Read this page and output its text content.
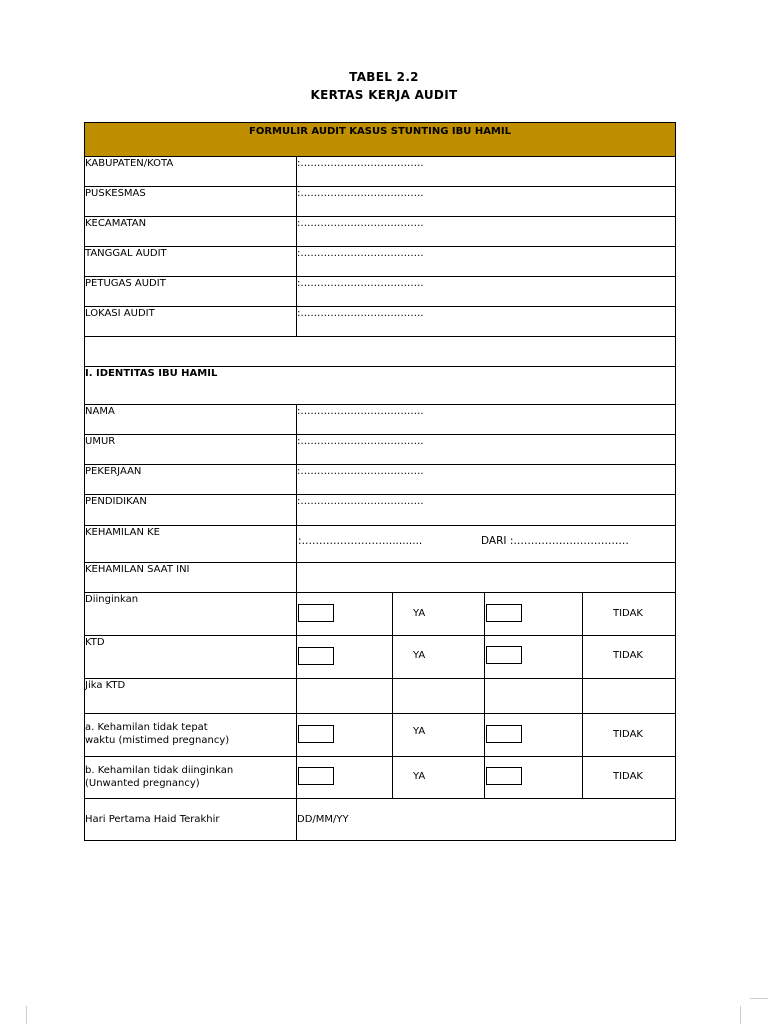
TABEL 2.2
KERTAS KERJA AUDIT
FORMULIR AUDIT KASUS STUNTING IBU HAMIL				
KABUPATEN/KOTA	:……………………………….			
PUSKESMAS	:……………………………….			
KECAMATAN	:……………………………….			
TANGGAL AUDIT	:……………………………….			
PETUGAS AUDIT	:……………………………….			
LOKASI AUDIT	:……………………………….			

I. IDENTITAS IBU HAMIL				
NAMA	:……………………………….			
UMUR	:……………………………….			
PEKERJAAN	:……………………………….			
PENDIDIKAN	:……………………………….			
KEHAMILAN KE	:……………………........... DARI :……………………………			

KEHAMILAN SAAT INI				
Diinginkan		YA		TIDAK

KTD		YA		TIDAK

Jika KTD				

a. Kehamilan tidak tepat
waktu (mistimed pregnancy)		YA		TIDAK

b. Kehamilan tidak diinginkan
(Unwanted pregnancy)		YA		TIDAK

Hari Pertama Haid Terakhir	DD/MM/YY			
